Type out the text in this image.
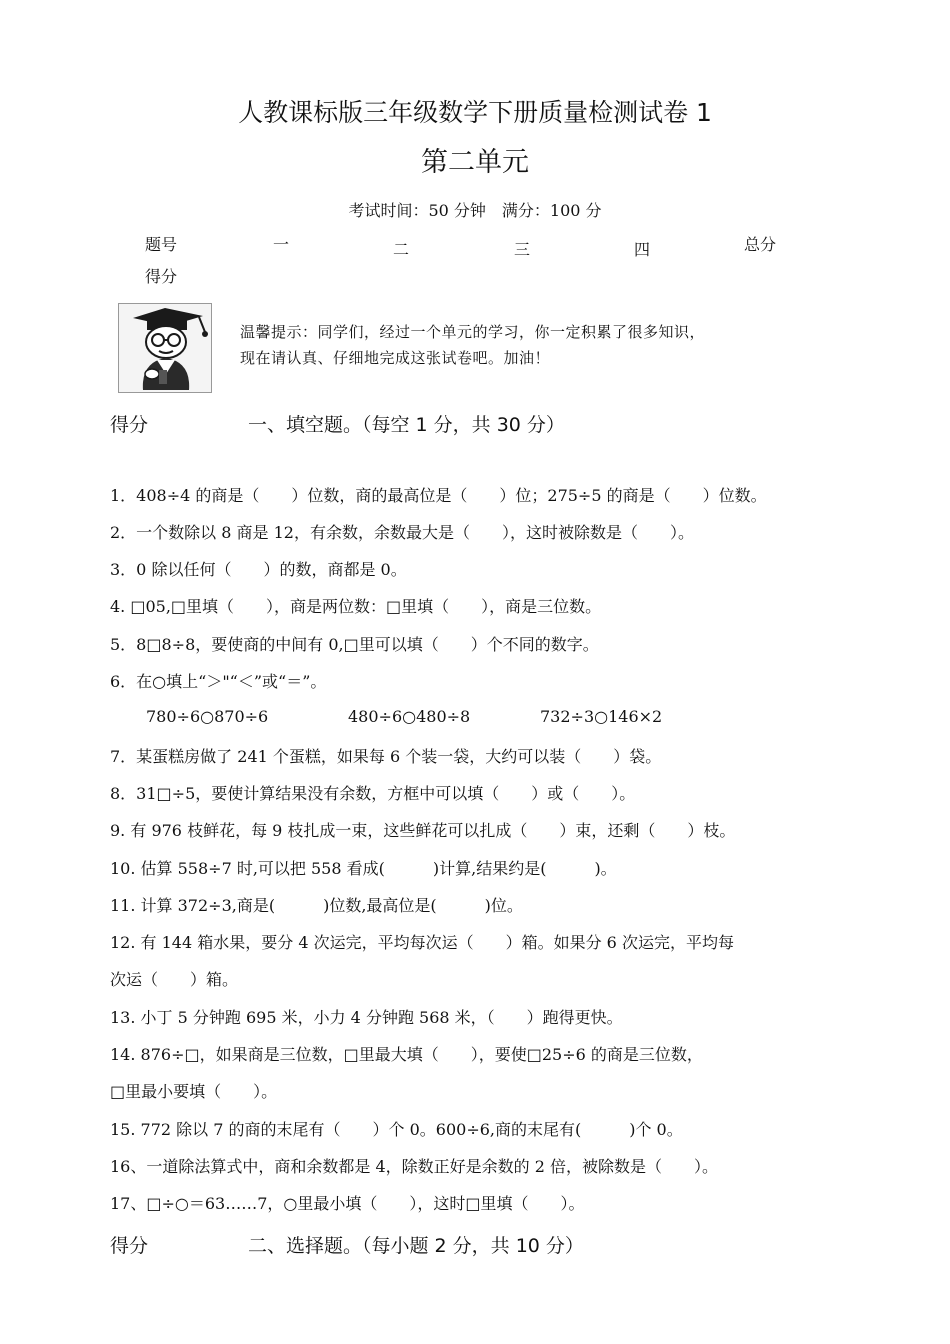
人教课标版三年级数学下册质量检测试卷 1
第二单元
考试时间：50 分钟　满分：100 分
题号	一	二	三	四	总分
得分
温馨提示：同学们，经过一个单元的学习，你一定积累了很多知识，
现在请认真、仔细地完成这张试卷吧。加油！
得分	一、填空题。（每空 1 分，共 30 分）
1．408÷4 的商是（　　）位数，商的最高位是（　　）位；275÷5 的商是（　　）位数。
2．一个数除以 8 商是 12，有余数，余数最大是（　　），这时被除数是（　　）。
3．0 除以任何（　　）的数，商都是 0。
4. □05,□里填（　　），商是两位数：□里填（　　），商是三位数。
5．8□8÷8，要使商的中间有 0,□里可以填（　　）个不同的数字。
6．在○填上“＞"“＜”或“＝”。
780÷6○870÷6	480÷6○480÷8	732÷3○146×2
7．某蛋糕房做了 241 个蛋糕，如果每 6 个装一袋，大约可以装（　　）袋。
8．31□÷5，要使计算结果没有余数，方框中可以填（　　）或（　　）。
9. 有 976 枝鲜花，每 9 枝扎成一束，这些鲜花可以扎成（　　）束，还剩（　　）枝。
10. 估算 558÷7 时,可以把 558 看成(　　　)计算,结果约是(　　　)。
11. 计算 372÷3,商是(　　　)位数,最高位是(　　　)位。
12. 有 144 箱水果，要分 4 次运完，平均每次运（　　）箱。如果分 6 次运完，平均每
次运（　　）箱。
13. 小丁 5 分钟跑 695 米，小力 4 分钟跑 568 米，（　　）跑得更快。
14. 876÷□，如果商是三位数，□里最大填（　　），要使□25÷6 的商是三位数，
□里最小要填（　　）。
15. 772 除以 7 的商的末尾有（　　）个 0。600÷6,商的末尾有(　　　)个 0。
16、一道除法算式中，商和余数都是 4，除数正好是余数的 2 倍，被除数是（　　）。
17、□÷○＝63……7，○里最小填（　　），这时□里填（　　）。
得分	二、选择题。（每小题 2 分，共 10 分）
